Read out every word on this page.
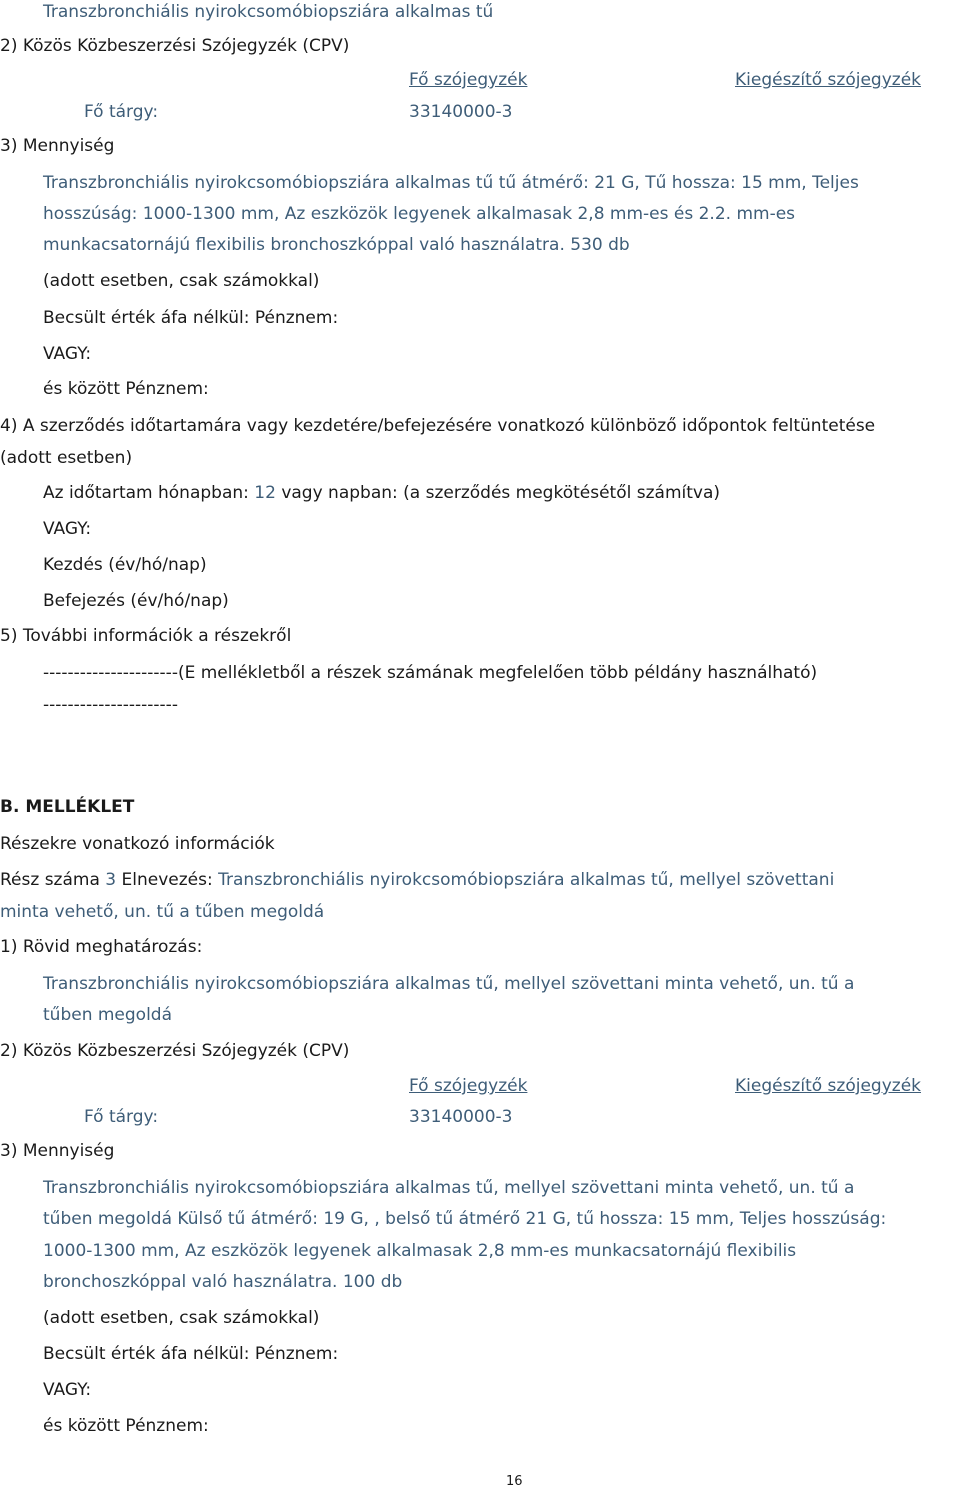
Transzbronchiális nyirokcsomóbiopsziára alkalmas tű
2) Közös Közbeszerzési Szójegyzék (CPV)
Fő szójegyzék	Kiegészítő szójegyzék
Fő tárgy:	33140000-3
3) Mennyiség
Transzbronchiális nyirokcsomóbiopsziára alkalmas tű tű átmérő: 21 G, Tű hossza: 15 mm, Teljes
hosszúság: 1000-1300 mm, Az eszközök legyenek alkalmasak 2,8 mm-es és 2.2. mm-es
munkacsatornájú flexibilis bronchoszkóppal való használatra. 530 db
(adott esetben, csak számokkal)
Becsült érték áfa nélkül: Pénznem:
VAGY:
és között Pénznem:
4) A szerződés időtartamára vagy kezdetére/befejezésére vonatkozó különböző időpontok feltüntetése
(adott esetben)
Az időtartam hónapban: 12 vagy napban: (a szerződés megkötésétől számítva)
VAGY:
Kezdés (év/hó/nap)
Befejezés (év/hó/nap)
5) További információk a részekről
----------------------(E mellékletből a részek számának megfelelően több példány használható)
----------------------
B. MELLÉKLET
Részekre vonatkozó információk
Rész száma 3 Elnevezés: Transzbronchiális nyirokcsomóbiopsziára alkalmas tű, mellyel szövettani
minta vehető, un. tű a tűben megoldá
1) Rövid meghatározás:
Transzbronchiális nyirokcsomóbiopsziára alkalmas tű, mellyel szövettani minta vehető, un. tű a
tűben megoldá
2) Közös Közbeszerzési Szójegyzék (CPV)
Fő szójegyzék	Kiegészítő szójegyzék
Fő tárgy:	33140000-3
3) Mennyiség
Transzbronchiális nyirokcsomóbiopsziára alkalmas tű, mellyel szövettani minta vehető, un. tű a
tűben megoldá Külső tű átmérő: 19 G, , belső tű átmérő 21 G, tű hossza: 15 mm, Teljes hosszúság:
1000-1300 mm, Az eszközök legyenek alkalmasak 2,8 mm-es munkacsatornájú flexibilis
bronchoszkóppal való használatra. 100 db
(adott esetben, csak számokkal)
Becsült érték áfa nélkül: Pénznem:
VAGY:
és között Pénznem:
16
